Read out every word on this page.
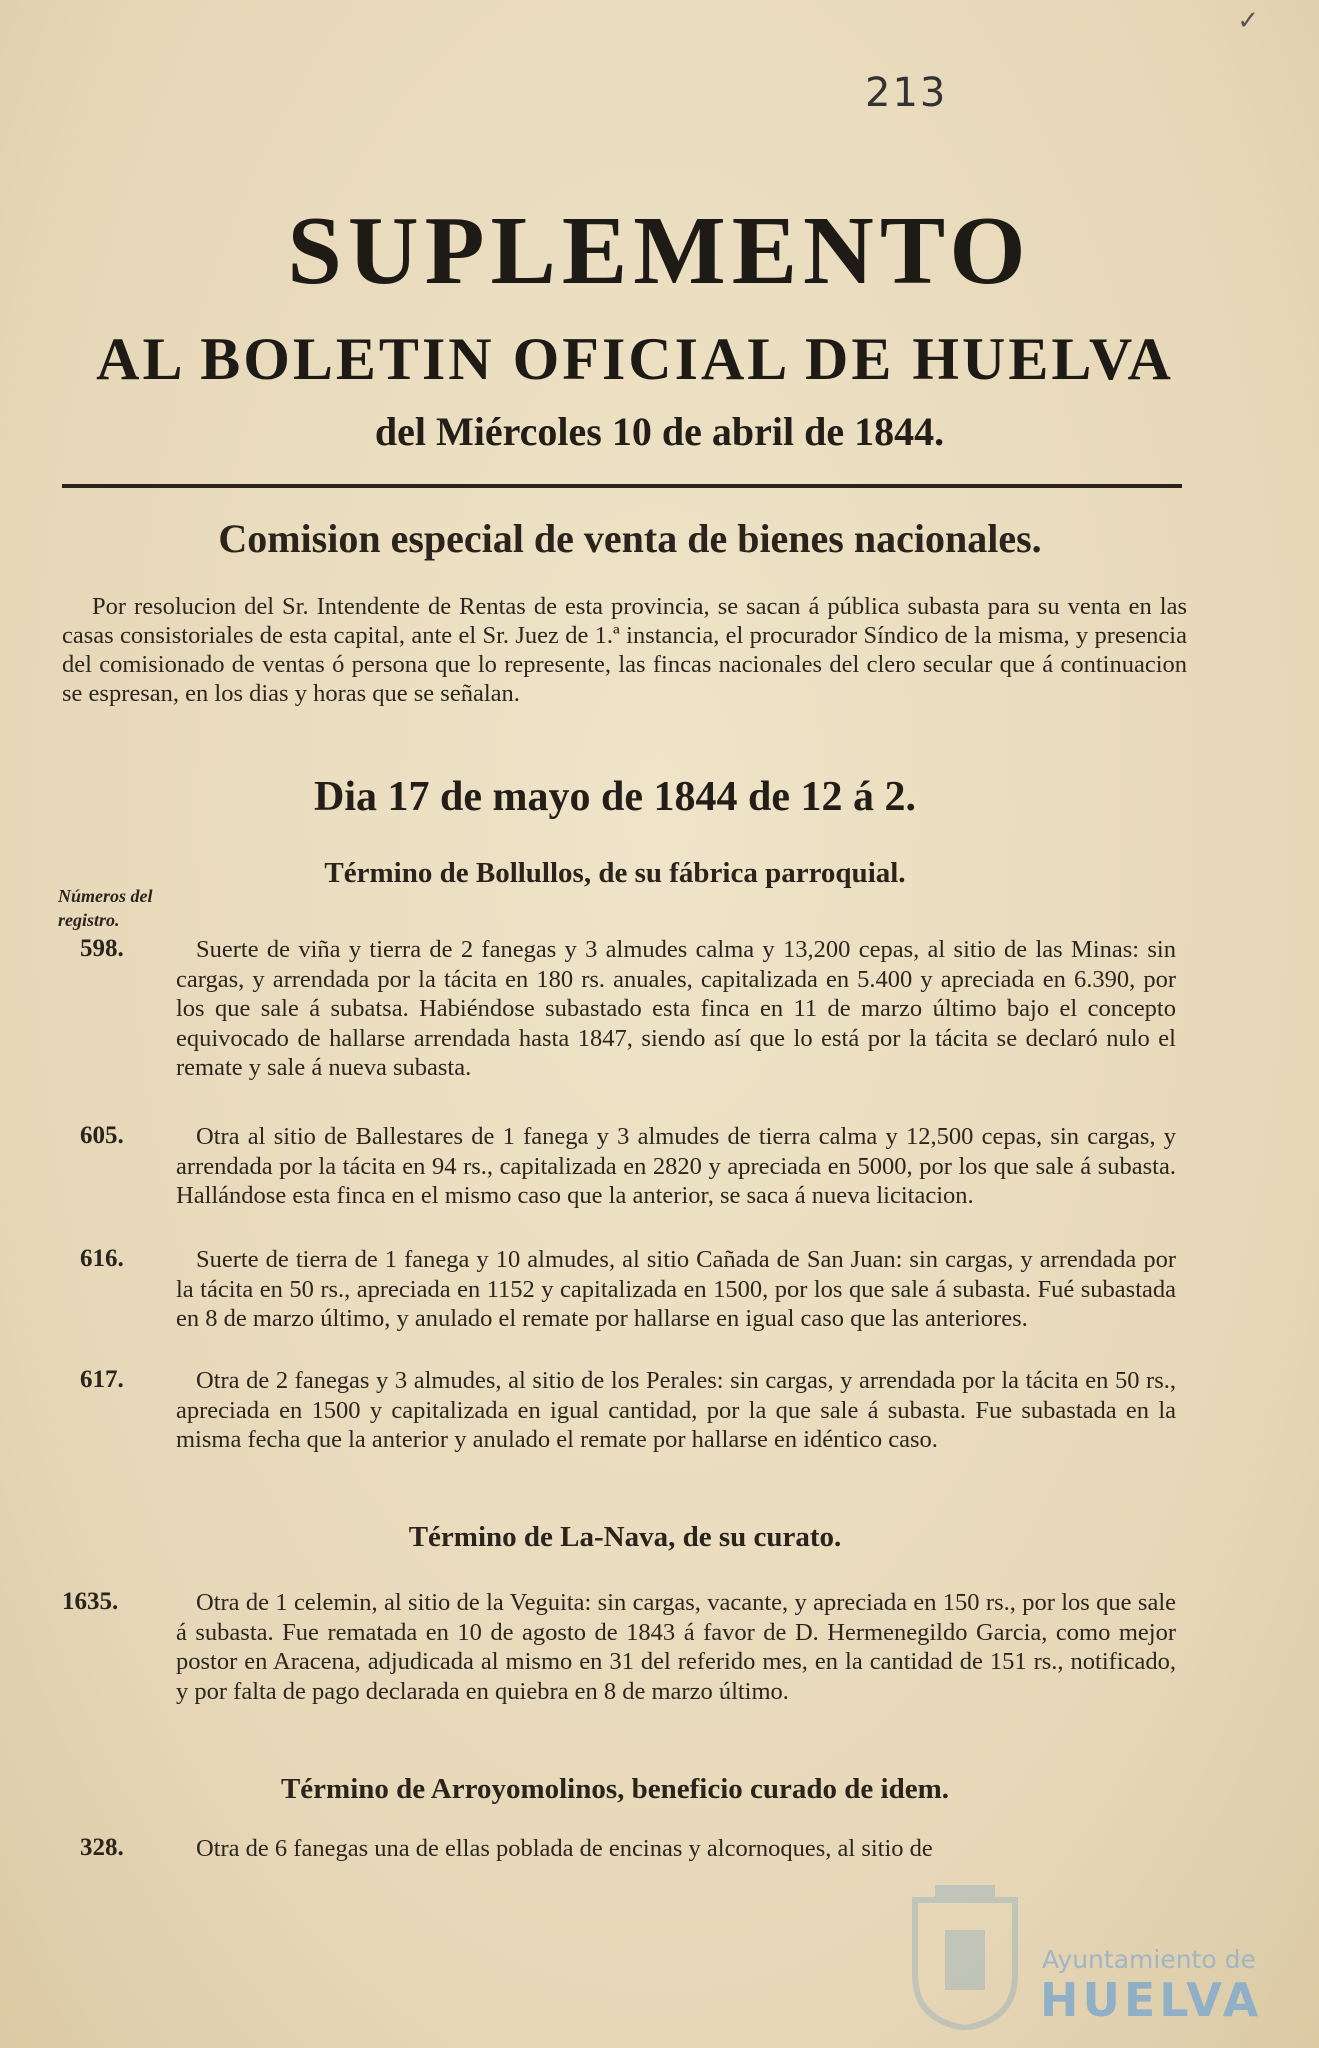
✓
213
SUPLEMENTO
AL BOLETIN OFICIAL DE HUELVA
del Miércoles 10 de abril de 1844.
Comision especial de venta de bienes nacionales.
Por resolucion del Sr. Intendente de Rentas de esta provincia, se sacan á pública subasta para su venta en las casas consistoriales de esta capital, ante el Sr. Juez de 1.ª instancia, el procurador Síndico de la misma, y presencia del comisionado de ventas ó persona que lo represente, las fincas nacionales del clero secular que á continuacion se espresan, en los dias y horas que se señalan.
Dia 17 de mayo de 1844 de 12 á 2.
Término de Bollullos, de su fábrica parroquial.
Números del registro.
598.	Suerte de viña y tierra de 2 fanegas y 3 almudes calma y 13,200 cepas, al sitio de las Minas: sin cargas, y arrendada por la tácita en 180 rs. anuales, capitalizada en 5.400 y apreciada en 6.390, por los que sale á subatsa. Habiéndose subastado esta finca en 11 de marzo último bajo el concepto equivocado de hallarse arrendada hasta 1847, siendo así que lo está por la tácita se declaró nulo el remate y sale á nueva subasta.
605.	Otra al sitio de Ballestares de 1 fanega y 3 almudes de tierra calma y 12,500 cepas, sin cargas, y arrendada por la tácita en 94 rs., capitalizada en 2820 y apreciada en 5000, por los que sale á subasta. Hallándose esta finca en el mismo caso que la anterior, se saca á nueva licitacion.
616.	Suerte de tierra de 1 fanega y 10 almudes, al sitio Cañada de San Juan: sin cargas, y arrendada por la tácita en 50 rs., apreciada en 1152 y capitalizada en 1500, por los que sale á subasta. Fué subastada en 8 de marzo último, y anulado el remate por hallarse en igual caso que las anteriores.
617.	Otra de 2 fanegas y 3 almudes, al sitio de los Perales: sin cargas, y arrendada por la tácita en 50 rs., apreciada en 1500 y capitalizada en igual cantidad, por la que sale á subasta. Fue subastada en la misma fecha que la anterior y anulado el remate por hallarse en idéntico caso.
Término de La-Nava, de su curato.
1635.	Otra de 1 celemin, al sitio de la Veguita: sin cargas, vacante, y apreciada en 150 rs., por los que sale á subasta. Fue rematada en 10 de agosto de 1843 á favor de D. Hermenegildo Garcia, como mejor postor en Aracena, adjudicada al mismo en 31 del referido mes, en la cantidad de 151 rs., notificado, y por falta de pago declarada en quiebra en 8 de marzo último.
Término de Arroyomolinos, beneficio curado de idem.
328.	Otra de 6 fanegas una de ellas poblada de encinas y alcornoques, al sitio de
Ayuntamiento de
HUELVA
